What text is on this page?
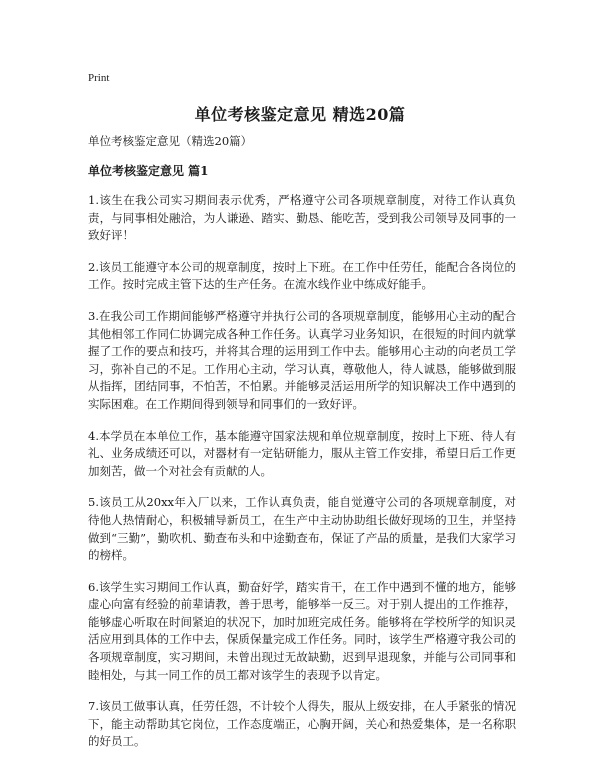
Print
单位考核鉴定意见 精选20篇

单位考核鉴定意见（精选20篇）

单位考核鉴定意见 篇1

1.该生在我公司实习期间表示优秀，严格遵守公司各项规章制度，对待工作认真负责，与同事相处融洽，为人谦逊、踏实、勤恳、能吃苦，受到我公司领导及同事的一致好评！

2.该员工能遵守本公司的规章制度，按时上下班。在工作中任劳任，能配合各岗位的工作。按时完成主管下达的生产任务。在流水线作业中练成好能手。

3.在我公司工作期间能够严格遵守并执行公司的各项规章制度，能够用心主动的配合其他相邻工作同仁协调完成各种工作任务。认真学习业务知识，在很短的时间内就掌握了工作的要点和技巧，并将其合理的运用到工作中去。能够用心主动的向老员工学习，弥补自己的不足。工作用心主动，学习认真，尊敬他人，待人诚恳，能够做到服从指挥，团结同事，不怕苦，不怕累。并能够灵活运用所学的知识解决工作中遇到的实际困难。在工作期间得到领导和同事们的一致好评。

4.本学员在本单位工作，基本能遵守国家法规和单位规章制度，按时上下班、待人有礼、业务成绩还可以，对器材有一定钻研能力，服从主管工作安排，希望日后工作更加刻苦，做一个对社会有贡献的人。

5.该员工从20xx年入厂以来，工作认真负责，能自觉遵守公司的各项规章制度，对待他人热情耐心，积极辅导新员工，在生产中主动协助组长做好现场的卫生，并坚持做到“三勤”，勤吹机、勤查布头和中途勤查布，保证了产品的质量，是我们大家学习的榜样。

6.该学生实习期间工作认真，勤奋好学，踏实肯干，在工作中遇到不懂的地方，能够虚心向富有经验的前辈请教，善于思考，能够举一反三。对于别人提出的工作推荐，能够虚心听取在时间紧迫的状况下，加时加班完成任务。能够将在学校所学的知识灵活应用到具体的工作中去，保质保量完成工作任务。同时，该学生严格遵守我公司的各项规章制度，实习期间，未曾出现过无故缺勤，迟到早退现象，并能与公司同事和睦相处，与其一同工作的员工都对该学生的表现予以肯定。

7.该员工做事认真，任劳任怨，不计较个人得失，服从上级安排，在人手紧张的情况下，能主动帮助其它岗位，工作态度端正，心胸开阔，关心和热爱集体，是一名称职的好员工。
